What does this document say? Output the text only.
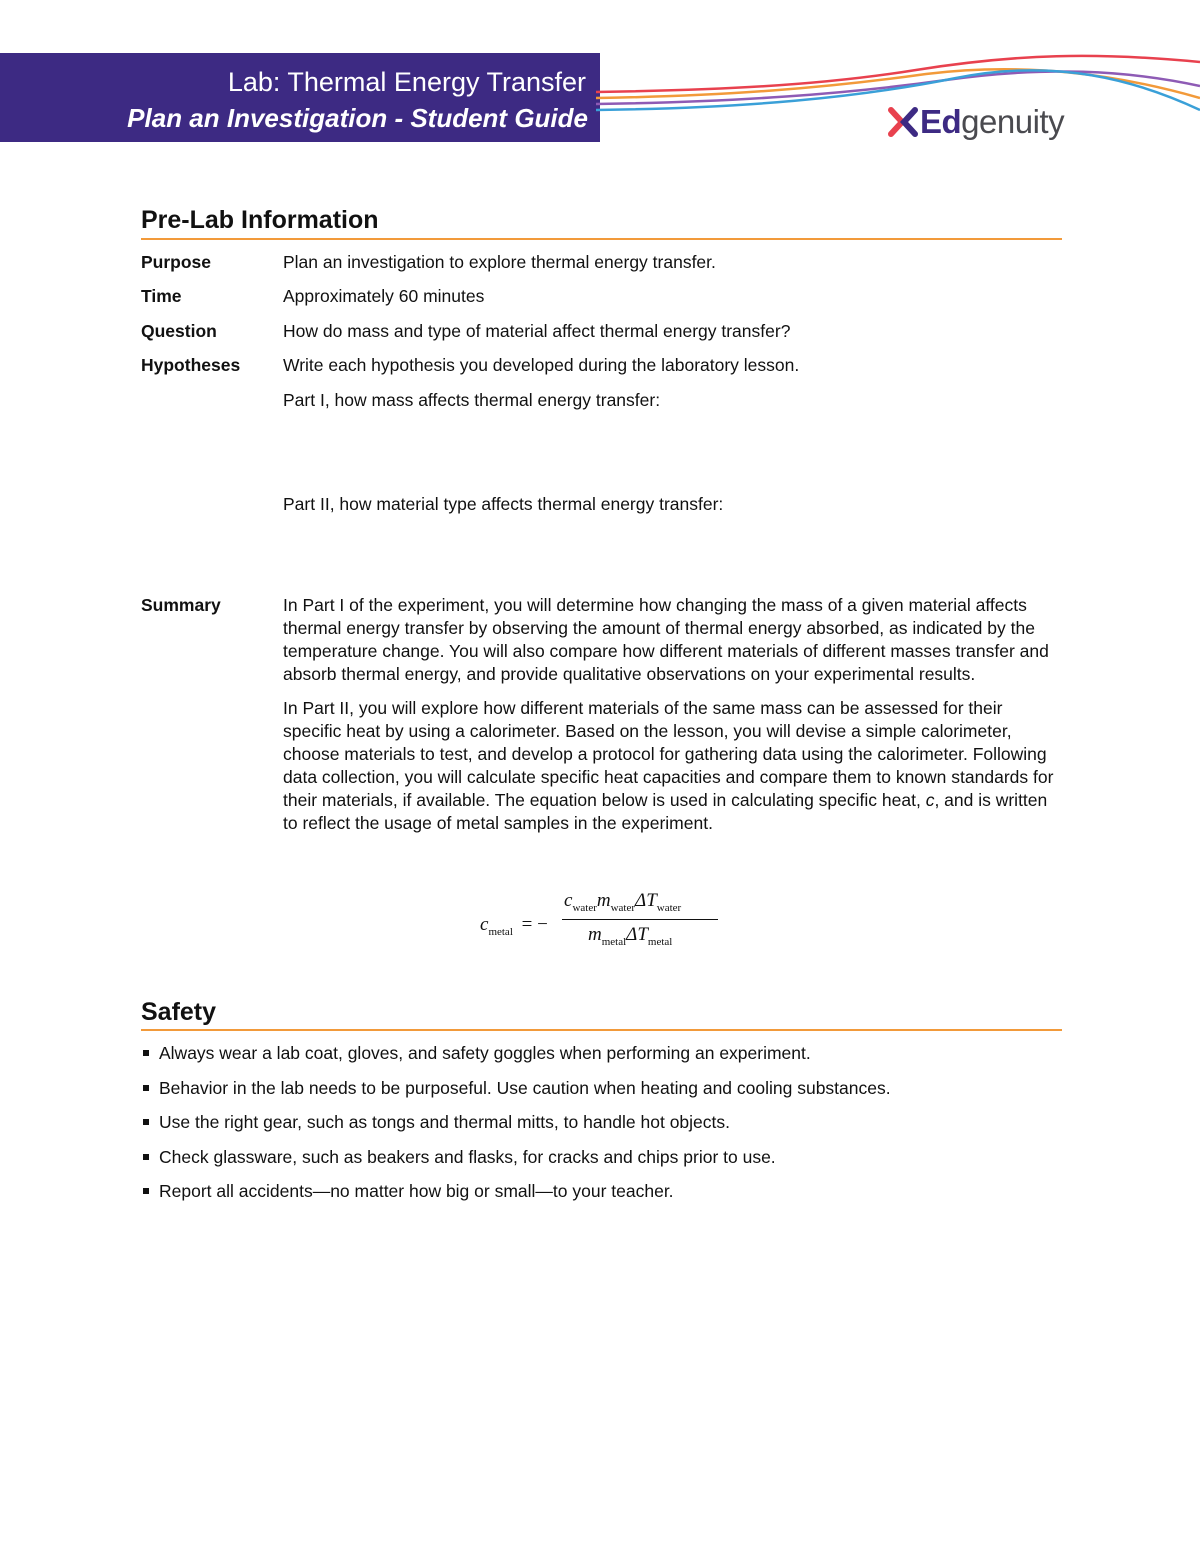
Lab: Thermal Energy Transfer
Plan an Investigation - Student Guide	Edgenuity
Pre-Lab Information
Purpose	Plan an investigation to explore thermal energy transfer.
Time	Approximately 60 minutes
Question	How do mass and type of material affect thermal energy transfer?
Hypotheses	Write each hypothesis you developed during the laboratory lesson.
Part I, how mass affects thermal energy transfer:
Part II, how material type affects thermal energy transfer:
Summary	In Part I of the experiment, you will determine how changing the mass of a given material affects thermal energy transfer by observing the amount of thermal energy absorbed, as indicated by the temperature change. You will also compare how different materials of different masses transfer and absorb thermal energy, and provide qualitative observations on your experimental results.

In Part II, you will explore how different materials of the same mass can be assessed for their specific heat by using a calorimeter. Based on the lesson, you will devise a simple calorimeter, choose materials to test, and develop a protocol for gathering data using the calorimeter. Following data collection, you will calculate specific heat capacities and compare them to known standards for their materials, if available. The equation below is used in calculating specific heat, c, and is written to reflect the usage of metal samples in the experiment.

$c_{metal}$ = −
$c_{water}m_{water}\Delta T_{water}$
$m_{metal}\Delta T_{metal}$
Safety
Always wear a lab coat, gloves, and safety goggles when performing an experiment.
Behavior in the lab needs to be purposeful. Use caution when heating and cooling substances.
Use the right gear, such as tongs and thermal mitts, to handle hot objects.
Check glassware, such as beakers and flasks, for cracks and chips prior to use.
Report all accidents—no matter how big or small—to your teacher.
